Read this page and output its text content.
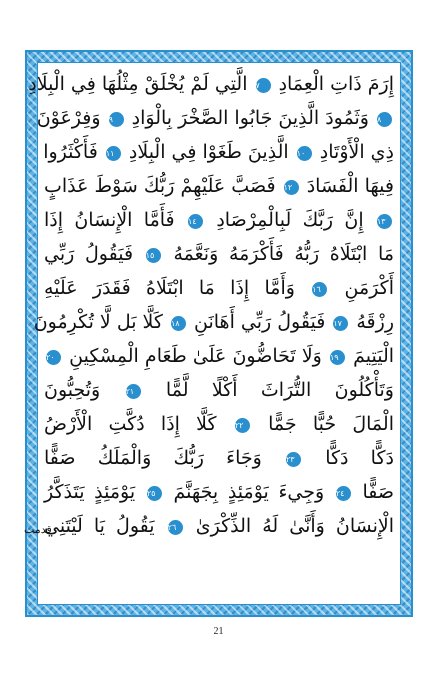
إِرَمَ ذَاتِ الْعِمَادِ ٧ الَّتِي لَمْ يُخْلَقْ مِثْلُهَا فِي الْبِلَادِ
٨ وَثَمُودَ الَّذِينَ جَابُوا الصَّخْرَ بِالْوَادِ ٩ وَفِرْعَوْنَ
ذِي الْأَوْتَادِ ١٠ الَّذِينَ طَغَوْا فِي الْبِلَادِ ١١ فَأَكْثَرُوا
فِيهَا الْفَسَادَ ١٢ فَصَبَّ عَلَيْهِمْ رَبُّكَ سَوْطَ عَذَابٍ
١٣ إِنَّ رَبَّكَ لَبِالْمِرْصَادِ ١٤ فَأَمَّا الْإِنسَانُ إِذَا
مَا ابْتَلَاهُ رَبُّهُ فَأَكْرَمَهُ وَنَعَّمَهُ ١٥ فَيَقُولُ رَبِّي
أَكْرَمَنِ ١٦ وَأَمَّا إِذَا مَا ابْتَلَاهُ فَقَدَرَ عَلَيْهِ
رِزْقَهُ ١٧ فَيَقُولُ رَبِّي أَهَانَنِ ١٨ كَلَّا بَل لَّا تُكْرِمُونَ
الْيَتِيمَ ١٩ وَلَا تَحَاضُّونَ عَلَىٰ طَعَامِ الْمِسْكِينِ ٢٠
وَتَأْكُلُونَ التُّرَاثَ أَكْلًا لَّمًّا ٢١ وَتُحِبُّونَ
الْمَالَ حُبًّا جَمًّا ٢٢ كَلَّا إِذَا دُكَّتِ الْأَرْضُ
دَكًّا دَكًّا ٢٣ وَجَاءَ رَبُّكَ وَالْمَلَكُ صَفًّا
صَفًّا ٢٤ وَجِيءَ يَوْمَئِذٍ بِجَهَنَّمَ ٢٥ يَوْمَئِذٍ يَتَذَكَّرُ
الْإِنسَانُ وَأَنَّىٰ لَهُ الذِّكْرَىٰ ٢٦ يَقُولُ يَا لَيْتَنِي
قدمت
21
